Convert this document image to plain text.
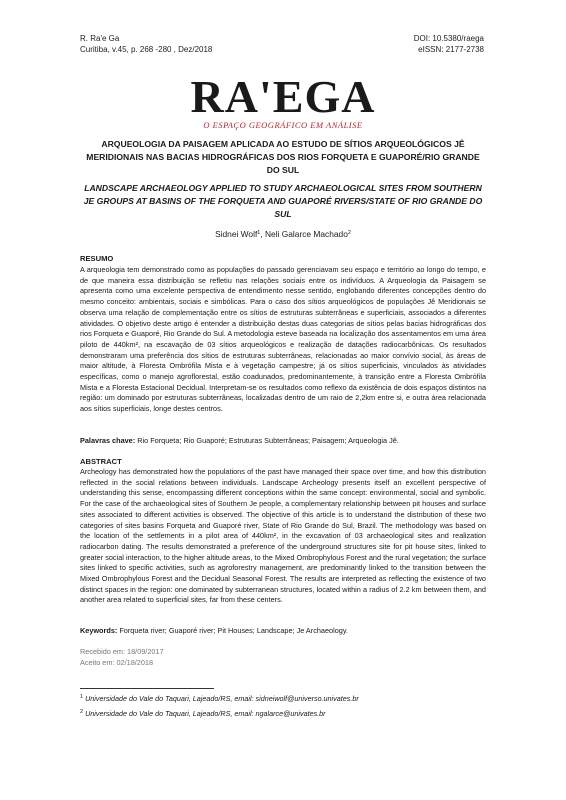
R. Ra'e Ga
Curitiba, v.45, p. 268 -280 , Dez/2018
DOI: 10.5380/raega
eISSN: 2177-2738
RA'EGA
O ESPAÇO GEOGRÁFICO EM ANÁLISE
ARQUEOLOGIA DA PAISAGEM APLICADA AO ESTUDO DE SÍTIOS ARQUEOLÓGICOS JÊ MERIDIONAIS NAS BACIAS HIDROGRÁFICAS DOS RIOS FORQUETA E GUAPORÉ/RIO GRANDE DO SUL
LANDSCAPE ARCHAEOLOGY APPLIED TO STUDY ARCHAEOLOGICAL SITES FROM SOUTHERN JE GROUPS AT BASINS OF THE FORQUETA AND GUAPORÉ RIVERS/STATE OF RIO GRANDE DO SUL
Sidnei Wolf$^1$, Neli Galarce Machado$^2$
RESUMO
A arqueologia tem demonstrado como as populações do passado gerenciavam seu espaço e território ao longo do tempo, e de que maneira essa distribuição se refletiu nas relações sociais entre os indivíduos. A Arqueologia da Paisagem se apresenta como uma excelente perspectiva de entendimento nesse sentido, englobando diferentes concepções dentro do mesmo conceito: ambientais, sociais e simbólicas. Para o caso dos sítios arqueológicos de populações Jê Meridionais se observa uma relação de complementação entre os sítios de estruturas subterrâneas e superficiais, associados a diferentes atividades. O objetivo deste artigo é entender a distribuição destas duas categorias de sítios pelas bacias hidrográficas dos rios Forqueta e Guaporé, Rio Grande do Sul. A metodologia esteve baseada na localização dos assentamentos em uma área piloto de 440km², na escavação de 03 sítios arqueológicos e realização de datações radiocarbônicas. Os resultados demonstraram uma preferência dos sítios de estruturas subterrâneas, relacionadas ao maior convívio social, às áreas de maior altitude, à Floresta Ombrófila Mista e à vegetação campestre; já os sítios superficiais, vinculados às atividades específicas, como o manejo agroflorestal, estão coadunados, predominantemente, à transição entre a Floresta Ombrófila Mista e a Floresta Estacional Decidual. Interpretam-se os resultados como reflexo da existência de dois espaços distintos na região: um dominado por estruturas subterrâneas, localizadas dentro de um raio de 2,2km entre si, e outra área relacionada aos sítios superficiais, longe destes centros.
Palavras chave: Rio Forqueta; Rio Guaporé; Estruturas Subterrâneas; Paisagem; Arqueologia Jê.
ABSTRACT
Archeology has demonstrated how the populations of the past have managed their space over time, and how this distribution reflected in the social relations between individuals. Landscape Archeology presents itself an excellent perspective of understanding this sense, encompassing different conceptions within the same concept: environmental, social and symbolic. For the case of the archaeological sites of Southern Je people, a complementary relationship between pit houses and surface sites associated to different activities is observed. The objective of this article is to understand the distribution of these two categories of sites basins Forqueta and Guaporé river, State of Rio Grande do Sul, Brazil. The methodology was based on the location of the settlements in a pilot area of 440km², in the excavation of 03 archaeological sites and realization radiocarbon dating. The results demonstrated a preference of the underground structures site for pit house sites, linked to greater social interaction, to the higher altitude areas, to the Mixed Ombrophylous Forest and the rural vegetation; the surface sites linked to specific activities, such as agroforestry management, are predominantly linked to the transition between the Mixed Ombrophylous Forest and the Decidual Seasonal Forest. The results are interpreted as reflecting the existence of two distinct spaces in the region: one dominated by subterranean structures, located within a radius of 2.2 km between them, and another area related to superficial sites, far from these centers.
Keywords: Forqueta river; Guaporé river; Pit Houses; Landscape; Je Archaeology.
Recebido em: 18/09/2017
Aceito em: 02/18/2018
$^1$ Universidade do Vale do Taquari, Lajeado/RS, email: sidneiwolf@universo.univates.br
$^2$ Universidade do Vale do Taquari, Lajeado/RS, email: ngalarce@univates.br
